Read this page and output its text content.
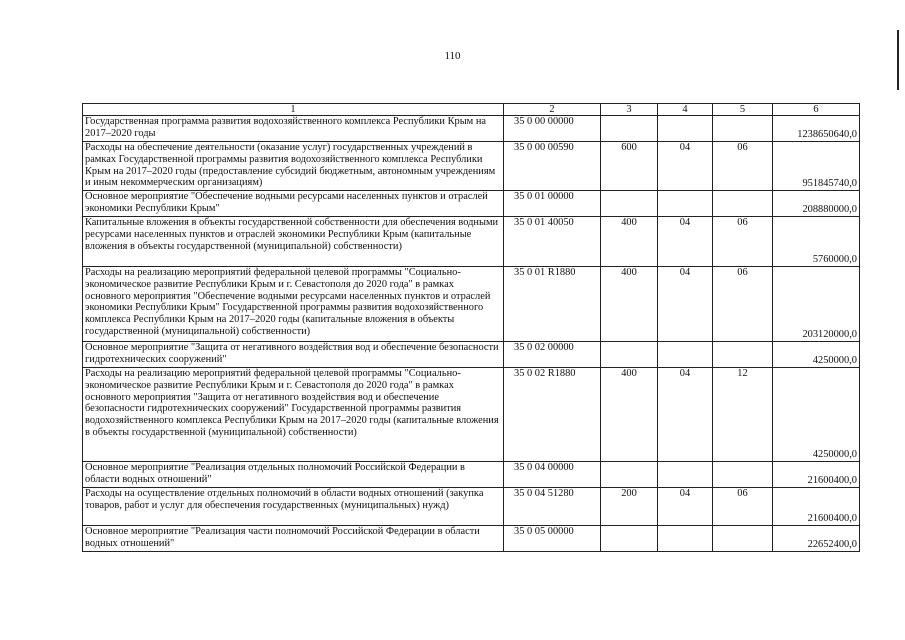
110
1	2	3	4	5	6
Государственная программа развития водохозяйственного комплекса Республики Крым на 2017–2020 годы	35 0 00 00000				1238650640,0
Расходы на обеспечение деятельности (оказание услуг) государственных учреждений в рамках Государственной программы развития водохозяйственного комплекса Республики Крым на 2017–2020 годы (предоставление субсидий бюджетным, автономным учреждениям и иным некоммерческим организациям)	35 0 00 00590	600	04	06	951845740,0
Основное мероприятие "Обеспечение водными ресурсами населенных пунктов и отраслей экономики Республики Крым"	35 0 01 00000				208880000,0
Капитальные вложения в объекты государственной собственности для обеспечения водными ресурсами населенных пунктов и отраслей экономики Республики Крым (капитальные вложения в объекты государственной (муниципальной) собственности)	35 0 01 40050	400	04	06	5760000,0
Расходы на реализацию мероприятий федеральной целевой программы "Социально-экономическое развитие Республики Крым и г. Севастополя до 2020 года" в рамках основного мероприятия "Обеспечение водными ресурсами населенных пунктов и отраслей экономики Республики Крым" Государственной программы развития водохозяйственного комплекса Республики Крым на 2017–2020 годы (капитальные вложения в объекты государственной (муниципальной) собственности)	35 0 01 R1880	400	04	06	203120000,0
Основное мероприятие "Защита от негативного воздействия вод и обеспечение безопасности гидротехнических сооружений"	35 0 02 00000				4250000,0
Расходы на реализацию мероприятий федеральной целевой программы "Социально-экономическое развитие Республики Крым и г. Севастополя до 2020 года" в рамках основного мероприятия "Защита от негативного воздействия вод и обеспечение безопасности гидротехнических сооружений" Государственной программы развития водохозяйственного комплекса Республики Крым на 2017–2020 годы (капитальные вложения в объекты государственной (муниципальной) собственности)	35 0 02 R1880	400	04	12	4250000,0
Основное мероприятие "Реализация отдельных полномочий Российской Федерации в области водных отношений"	35 0 04 00000				21600400,0
Расходы на осуществление отдельных полномочий в области водных отношений (закупка товаров, работ и услуг для обеспечения государственных (муниципальных) нужд)	35 0 04 51280	200	04	06	21600400,0
Основное мероприятие "Реализация части полномочий Российской Федерации в области водных отношений"	35 0 05 00000				22652400,0
